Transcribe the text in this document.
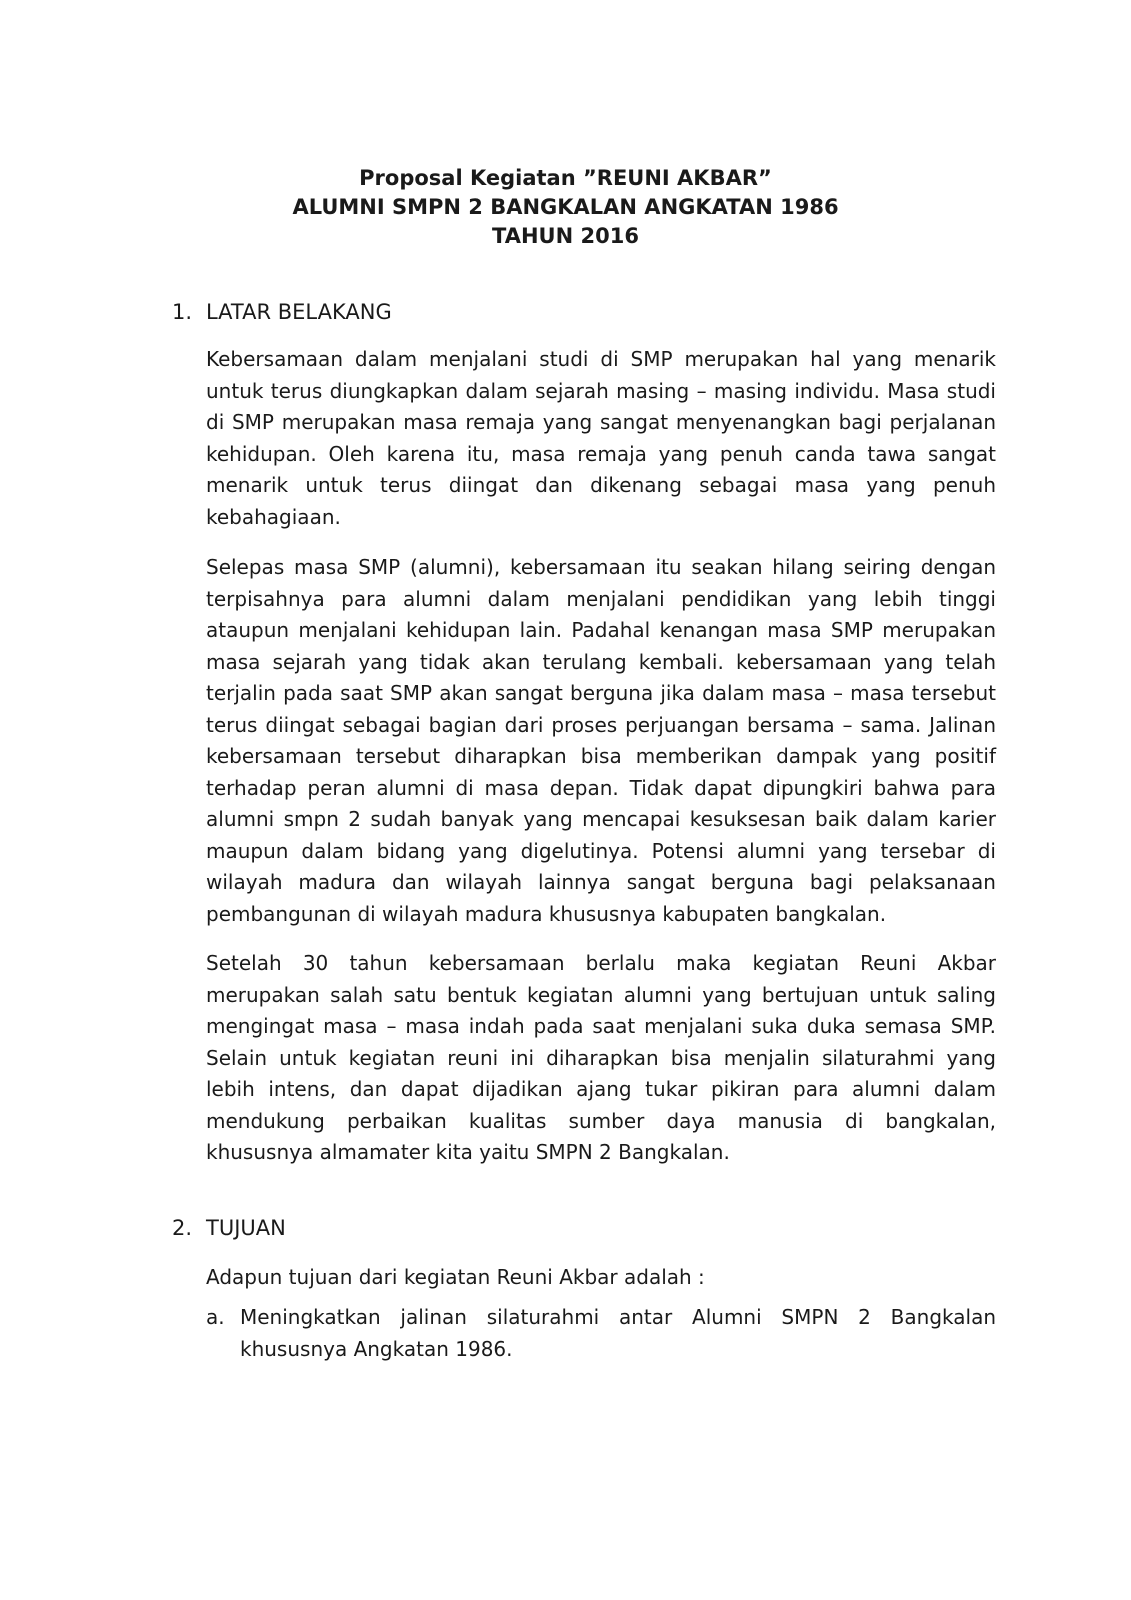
Proposal Kegiatan ”REUNI AKBAR”
ALUMNI SMPN 2 BANGKALAN ANGKATAN 1986
TAHUN 2016
1. LATAR BELAKANG

Kebersamaan dalam menjalani studi di SMP merupakan hal yang menarik untuk terus diungkapkan dalam sejarah masing – masing individu. Masa studi di SMP merupakan masa remaja yang sangat menyenangkan bagi perjalanan kehidupan. Oleh karena itu, masa remaja yang penuh canda tawa sangat menarik untuk terus diingat dan dikenang sebagai masa yang penuh kebahagiaan.

Selepas masa SMP (alumni), kebersamaan itu seakan hilang seiring dengan terpisahnya para alumni dalam menjalani pendidikan yang lebih tinggi ataupun menjalani kehidupan lain. Padahal kenangan masa SMP merupakan masa sejarah yang tidak akan terulang kembali. kebersamaan yang telah terjalin pada saat SMP akan sangat berguna jika dalam masa – masa tersebut terus diingat sebagai bagian dari proses perjuangan bersama – sama. Jalinan kebersamaan tersebut diharapkan bisa memberikan dampak yang positif terhadap peran alumni di masa depan. Tidak dapat dipungkiri bahwa para alumni smpn 2 sudah banyak yang mencapai kesuksesan baik dalam karier maupun dalam bidang yang digelutinya. Potensi alumni yang tersebar di wilayah madura dan wilayah lainnya sangat berguna bagi pelaksanaan pembangunan di wilayah madura khususnya kabupaten bangkalan.

Setelah 30 tahun kebersamaan berlalu maka kegiatan Reuni Akbar merupakan salah satu bentuk kegiatan alumni yang bertujuan untuk saling mengingat masa – masa indah pada saat menjalani suka duka semasa SMP. Selain untuk kegiatan reuni ini diharapkan bisa menjalin silaturahmi yang lebih intens, dan dapat dijadikan ajang tukar pikiran para alumni dalam mendukung perbaikan kualitas sumber daya manusia di bangkalan, khususnya almamater kita yaitu SMPN 2 Bangkalan.

2. TUJUAN

Adapun tujuan dari kegiatan Reuni Akbar adalah :

a. Meningkatkan jalinan silaturahmi antar Alumni SMPN 2 Bangkalan khususnya Angkatan 1986.
